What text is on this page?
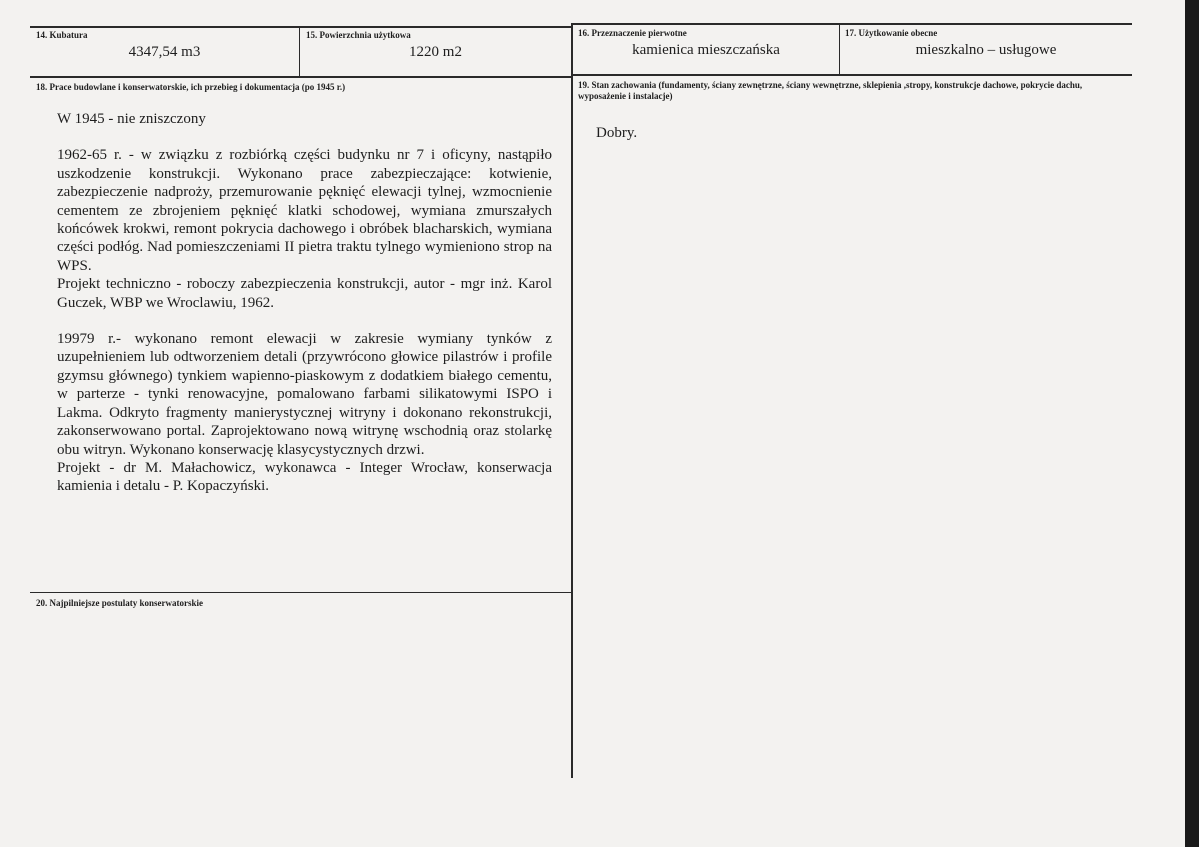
14. Kubatura
4347,54 m3
15. Powierzchnia użytkowa
1220 m2
16. Przeznaczenie pierwotne
kamienica mieszczańska
17. Użytkowanie obecne
mieszkalno – usługowe
18. Prace budowlane i konserwatorskie, ich przebieg i dokumentacja (po 1945 r.)

W 1945 - nie zniszczony

1962-65 r. - w związku z rozbiórką części budynku nr 7 i oficyny, nastąpiło uszkodzenie konstrukcji. Wykonano prace zabezpieczające: kotwienie, zabezpieczenie nadproży, przemurowanie pęknięć elewacji tylnej, wzmocnienie cementem ze zbrojeniem pęknięć klatki schodowej, wymiana zmurszałych końcówek krokwi, remont pokrycia dachowego i obróbek blacharskich, wymiana części podłóg. Nad pomieszczeniami II pietra traktu tylnego wymieniono strop na WPS.

Projekt techniczno - roboczy zabezpieczenia konstrukcji, autor - mgr inż. Karol Guczek, WBP we Wroclawiu, 1962.

19979 r.- wykonano remont elewacji w zakresie wymiany tynków z uzupełnieniem lub odtworzeniem detali (przywrócono głowice pilastrów i profile gzymsu głównego) tynkiem wapienno-piaskowym z dodatkiem białego cementu, w parterze - tynki renowacyjne, pomalowano farbami silikatowymi ISPO i Lakma. Odkryto fragmenty manierystycznej witryny i dokonano rekonstrukcji, zakonserwowano portal. Zaprojektowano nową witrynę wschodnią oraz stolarkę obu witryn. Wykonano konserwację klasycystycznych drzwi.

Projekt - dr M. Małachowicz, wykonawca - Integer Wrocław, konserwacja kamienia i detalu - P. Kopaczyński.

19. Stan zachowania (fundamenty, ściany zewnętrzne, ściany wewnętrzne, sklepienia ,stropy, konstrukcje dachowe, pokrycie dachu, wyposażenie i instalacje)
Dobry.
20. Najpilniejsze postulaty konserwatorskie
